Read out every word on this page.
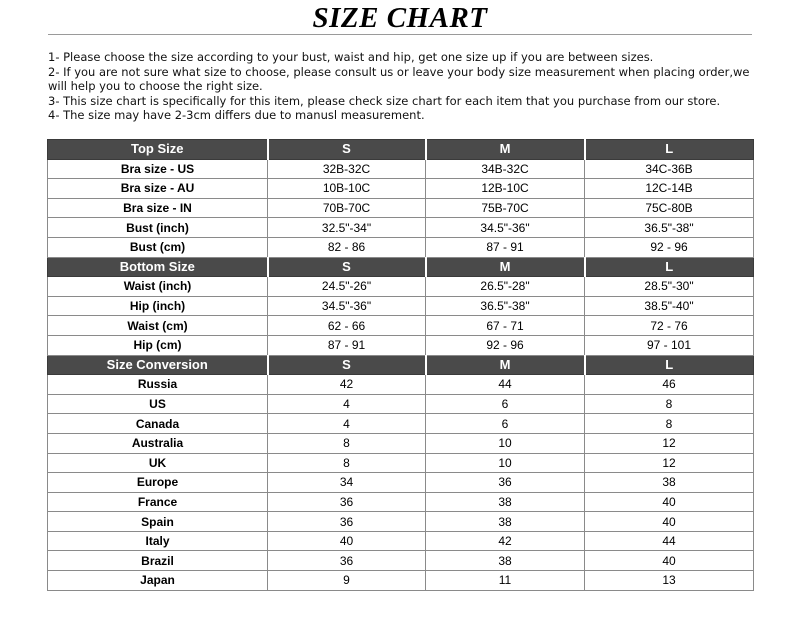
SIZE CHART
1- Please choose the size according to your bust, waist and hip, get one size up if you are between sizes.
2- If you are not sure what size to choose, please consult us or leave your body size measurement when placing order,we
will help you to choose the right size.
3- This size chart is specifically for this item, please check size chart for each item that you purchase from our store.
4- The size may have 2-3cm differs due to manusl measurement.
Top Size	S	M	L
Bra size - US	32B-32C	34B-32C	34C-36B
Bra size - AU	10B-10C	12B-10C	12C-14B
Bra size - IN	70B-70C	75B-70C	75C-80B
Bust (inch)	32.5"-34"	34.5"-36"	36.5"-38"
Bust (cm)	82 - 86	87 - 91	92 - 96
Bottom Size	S	M	L
Waist (inch)	24.5"-26"	26.5"-28"	28.5"-30"
Hip (inch)	34.5"-36"	36.5"-38"	38.5"-40"
Waist (cm)	62 - 66	67 - 71	72 - 76
Hip (cm)	87 - 91	92 - 96	97 - 101
Size Conversion	S	M	L
Russia	42	44	46
US	4	6	8
Canada	4	6	8
Australia	8	10	12
UK	8	10	12
Europe	34	36	38
France	36	38	40
Spain	36	38	40
Italy	40	42	44
Brazil	36	38	40
Japan	9	11	13
